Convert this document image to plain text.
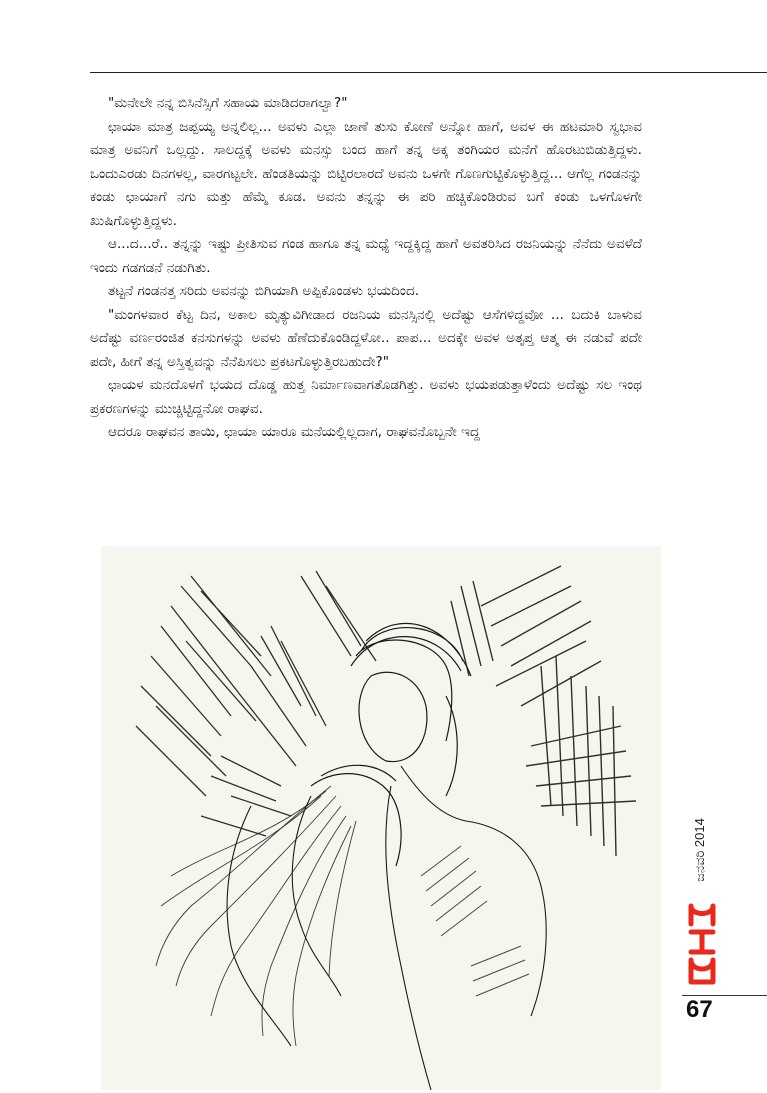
"ಮನೇಲೇ ನನ್ನ ಬಿಸಿನೆಸ್ಸಿಗೆ ಸಹಾಯ ಮಾಡಿದರಾಗಲ್ವಾ?"

ಛಾಯಾ ಮಾತ್ರ ಜಪ್ಪಯ್ಯ ಅನ್ನಲಿಲ್ಲ... ಅವಳು ಎಲ್ಲಾ ಜಾಣೆ ತುಸು ಕೋಣೆ ಅನ್ನೋ ಹಾಗೆ, ಅವಳ ಈ ಹಟಮಾರಿ ಸ್ವಭಾವ ಮಾತ್ರ ಅವನಿಗೆ ಒಲ್ಲದ್ದು. ಸಾಲದ್ದಕ್ಕೆ ಅವಳು ಮನಸ್ಸು ಬಂದ ಹಾಗೆ ತನ್ನ ಅಕ್ಕ ತಂಗಿಯರ ಮನೆಗೆ ಹೊರಟುಬಿಡುತ್ತಿದ್ದಳು. ಒಂದುಎರಡು ದಿನಗಳಲ್ಲ, ವಾರಗಟ್ಟಲೇ. ಹೆಂಡತಿಯನ್ನು ಬಿಟ್ಟಿರಲಾರದೆ ಅವನು ಒಳಗೇ ಗೊಣಗುಟ್ಟಿಕೊಳ್ಳುತ್ತಿದ್ದ... ಆಗೆಲ್ಲ ಗಂಡನನ್ನು ಕಂಡು ಛಾಯಾಗೆ ನಗು ಮತ್ತು ಹೆಮ್ಮೆ ಕೂಡ. ಅವನು ತನ್ನನ್ನು ಈ ಪರಿ ಹಚ್ಚಿಕೊಂಡಿರುವ ಬಗೆ ಕಂಡು ಒಳಗೊಳಗೇ ಖುಷಿಗೊಳ್ಳುತ್ತಿದ್ದಳು.

ಆ...ದ...ರೆ.. ತನ್ನನ್ನು ಇಷ್ಟು ಪ್ರೀತಿಸುವ ಗಂಡ ಹಾಗೂ ತನ್ನ ಮಧ್ಯೆ ಇದ್ದಕ್ಕಿದ್ದ ಹಾಗೆ ಅವತರಿಸಿದ ರಜನಿಯನ್ನು ನೆನೆದು ಅವಳೆದೆ ಇಂದು ಗಡಗಡನೆ ನಡುಗಿತು.

ತಟ್ಟನೆ ಗಂಡನತ್ತ ಸರಿದು ಅವನನ್ನು ಬಿಗಿಯಾಗಿ ಅಪ್ಪಿಕೊಂಡಳು ಭಯದಿಂದ.

"ಮಂಗಳವಾರ ಕೆಟ್ಟ ದಿನ, ಅಕಾಲ ಮೃತ್ಯುವಿಗೀಡಾದ ರಜನಿಯ ಮನಸ್ಸಿನಲ್ಲಿ ಅದೆಷ್ಟು ಆಸೆಗಳಿದ್ದವೋ ... ಬದುಕಿ ಬಾಳುವ ಅದೆಷ್ಟು ವರ್ಣರಂಜಿತ ಕನಸುಗಳನ್ನು ಅವಳು ಹೆಣೆದುಕೊಂಡಿದ್ದಳೋ.. ಪಾಪ... ಅದಕ್ಕೇ ಅವಳ ಅತೃಪ್ತ ಆತ್ಮ ಈ ನಡುವೆ ಪದೇ ಪದೇ, ಹೀಗೆ ತನ್ನ ಅಸ್ತಿತ್ವವನ್ನು ನೆನೆಪಿಸಲು ಪ್ರಕಟಗೊಳ್ಳುತ್ತಿರಬಹುದೇ?"

ಛಾಯಳ ಮನದೊಳಗೆ ಭಯದ ದೊಡ್ಡ ಹುತ್ತ ನಿರ್ಮಾಣವಾಗತೊಡಗಿತ್ತು. ಅವಳು ಭಯಪಡುತ್ತಾಳೆಂದು ಅದೆಷ್ಟು ಸಲ ಇಂಥ ಪ್ರಕರಣಗಳನ್ನು ಮುಚ್ಚಿಟ್ಟಿದ್ದನೋ ರಾಘವ.

ಆದರೂ ರಾಘವನ ತಾಯಿ, ಛಾಯಾ ಯಾರೂ ಮನೆಯಲ್ಲಿಲ್ಲದಾಗ, ರಾಘವನೊಬ್ಬನೇ ಇದ್ದ

ಜನವರಿ 2014
67
